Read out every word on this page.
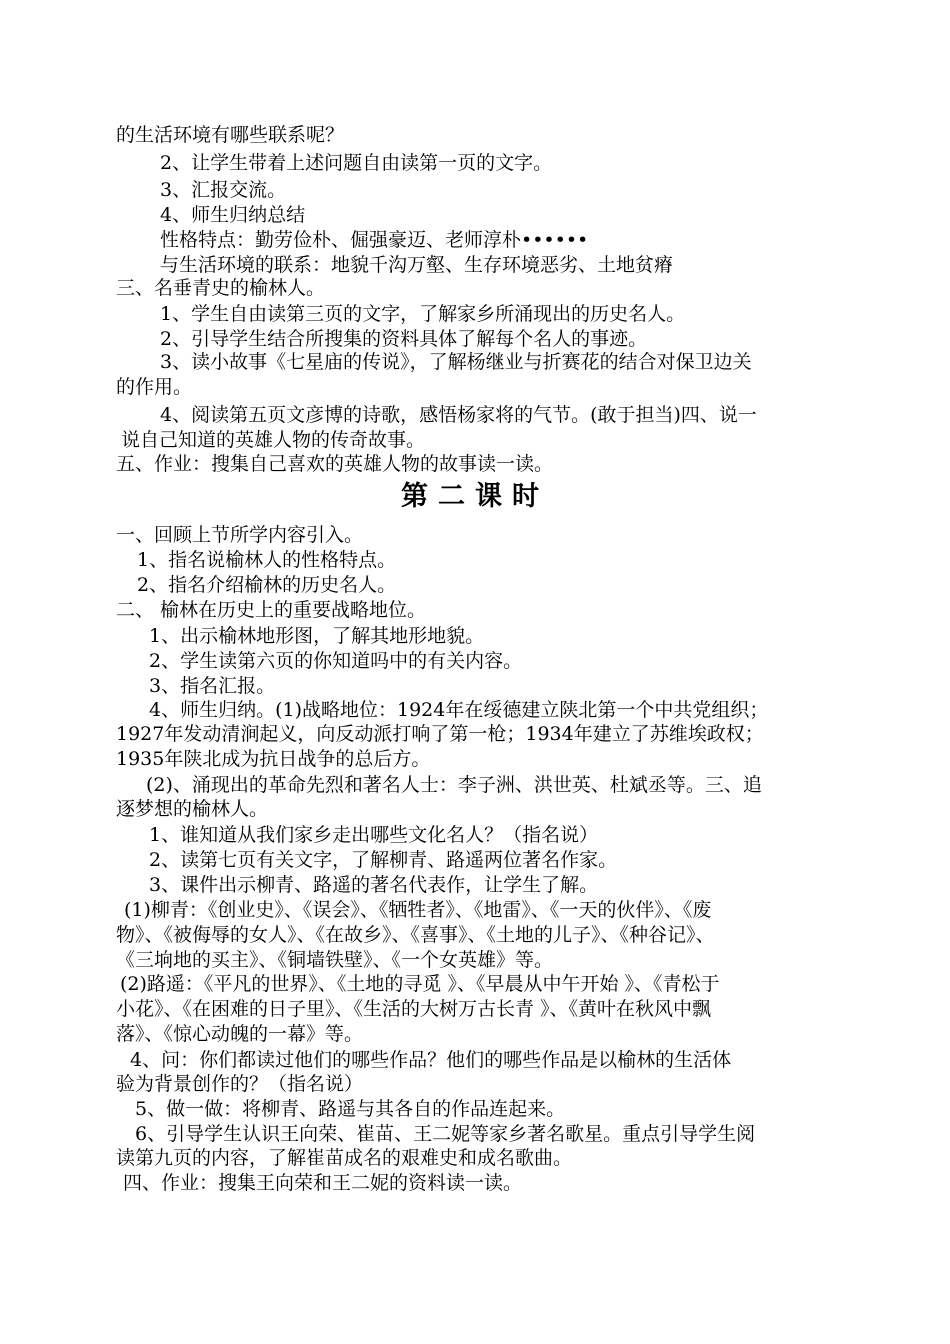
的生活环境有哪些联系呢？
2、让学生带着上述问题自由读第一页的文字。
3、汇报交流。
4、师生归纳总结
性格特点：勤劳俭朴、倔强豪迈、老师淳朴••••••
与生活环境的联系：地貌千沟万壑、生存环境恶劣、土地贫瘠
三、名垂青史的榆林人。
1、学生自由读第三页的文字，了解家乡所涌现出的历史名人。
2、引导学生结合所搜集的资料具体了解每个名人的事迹。
3、读小故事《七星庙的传说》，了解杨继业与折赛花的结合对保卫边关
的作用。
4、阅读第五页文彦博的诗歌，感悟杨家将的气节。(敢于担当)四、说一
说自己知道的英雄人物的传奇故事。
五、作业：搜集自己喜欢的英雄人物的故事读一读。
第二课时
一、回顾上节所学内容引入。
1、指名说榆林人的性格特点。
2、指名介绍榆林的历史名人。
二、 榆林在历史上的重要战略地位。
1、出示榆林地形图，了解其地形地貌。
2、学生读第六页的你知道吗中的有关内容。
3、指名汇报。
4、师生归纳。(1)战略地位：1924年在绥德建立陕北第一个中共党组织；
1927年发动清涧起义，向反动派打响了第一枪；1934年建立了苏维埃政权；
1935年陕北成为抗日战争的总后方。
(2)、涌现出的革命先烈和著名人士：李子洲、洪世英、杜斌丞等。三、追
逐梦想的榆林人。
1、谁知道从我们家乡走出哪些文化名人？（指名说）
2、读第七页有关文字，了解柳青、路遥两位著名作家。
3、课件出示柳青、路遥的著名代表作，让学生了解。
(1)柳青：《创业史》、《误会》、《牺牲者》、《地雷》、《一天的伙伴》、《废
物》、《被侮辱的女人》、《在故乡》、《喜事》、《土地的儿子》、《种谷记》、
《三垧地的买主》、《铜墙铁壁》、《一个女英雄》等。
(2)路遥：《平凡的世界》、《土地的寻觅 》、《早晨从中午开始 》、《青松于
小花》、《在困难的日子里》、《生活的大树万古长青 》、《黄叶在秋风中飘
落》、《惊心动魄的一幕》等。
4、问：你们都读过他们的哪些作品？他们的哪些作品是以榆林的生活体
验为背景创作的？（指名说）
5、做一做：将柳青、路遥与其各自的作品连起来。
6、引导学生认识王向荣、崔苗、王二妮等家乡著名歌星。重点引导学生阅
读第九页的内容，了解崔苗成名的艰难史和成名歌曲。
四、作业：搜集王向荣和王二妮的资料读一读。
